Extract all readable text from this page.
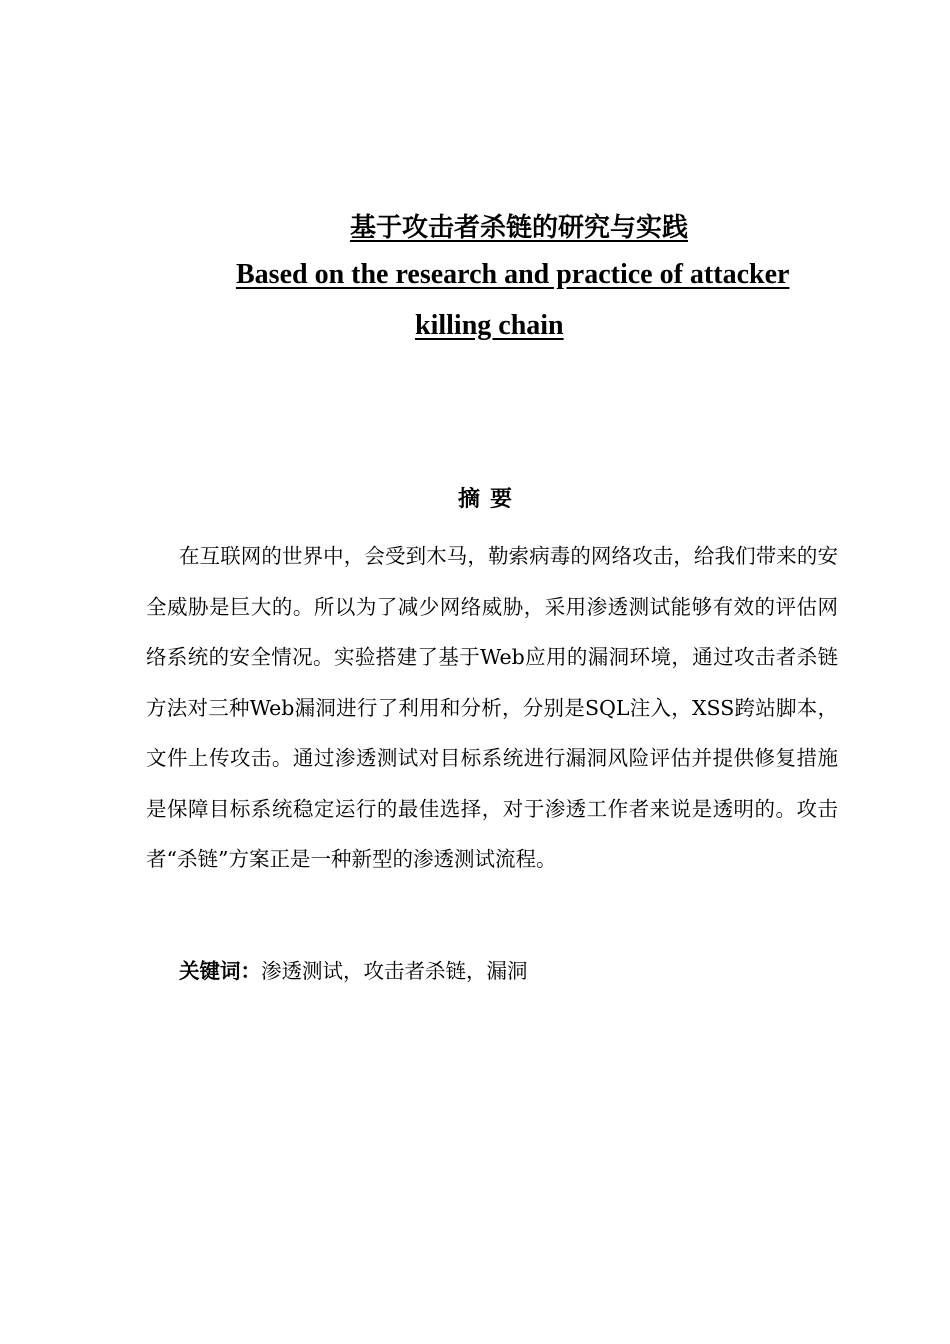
基于攻击者杀链的研究与实践
Based on the research and practice of attacker
killing chain
摘要

在互联网的世界中，会受到木马，勒索病毒的网络攻击，给我们带来的安全威胁是巨大的。所以为了减少网络威胁，采用渗透测试能够有效的评估网络系统的安全情况。实验搭建了基于Web应用的漏洞环境，通过攻击者杀链方法对三种Web漏洞进行了利用和分析，分别是SQL注入，XSS跨站脚本，文件上传攻击。通过渗透测试对目标系统进行漏洞风险评估并提供修复措施是保障目标系统稳定运行的最佳选择，对于渗透工作者来说是透明的。攻击者“杀链”方案正是一种新型的渗透测试流程。

关键词：渗透测试，攻击者杀链，漏洞
